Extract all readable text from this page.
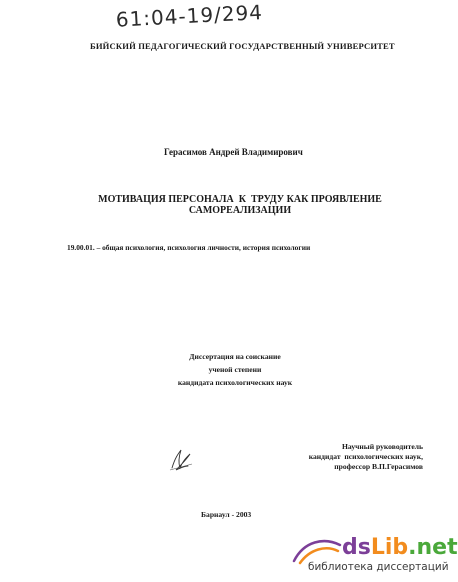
61:04-19/294
БИЙСКИЙ ПЕДАГОГИЧЕСКИЙ ГОСУДАРСТВЕННЫЙ УНИВЕРСИТЕТ
Герасимов Андрей Владимирович
МОТИВАЦИЯ ПЕРСОНАЛА  К  ТРУДУ КАК ПРОЯВЛЕНИЕ
САМОРЕАЛИЗАЦИИ
19.00.01. – общая психология, психология личности, история психологии
Диссертация на соискание
ученой степени
кандидата психологических наук
Научный руководитель
кандидат  психологических наук,
профессор В.П.Герасимов
Барнаул - 2003
dsLib.net
библиотека диссертаций
